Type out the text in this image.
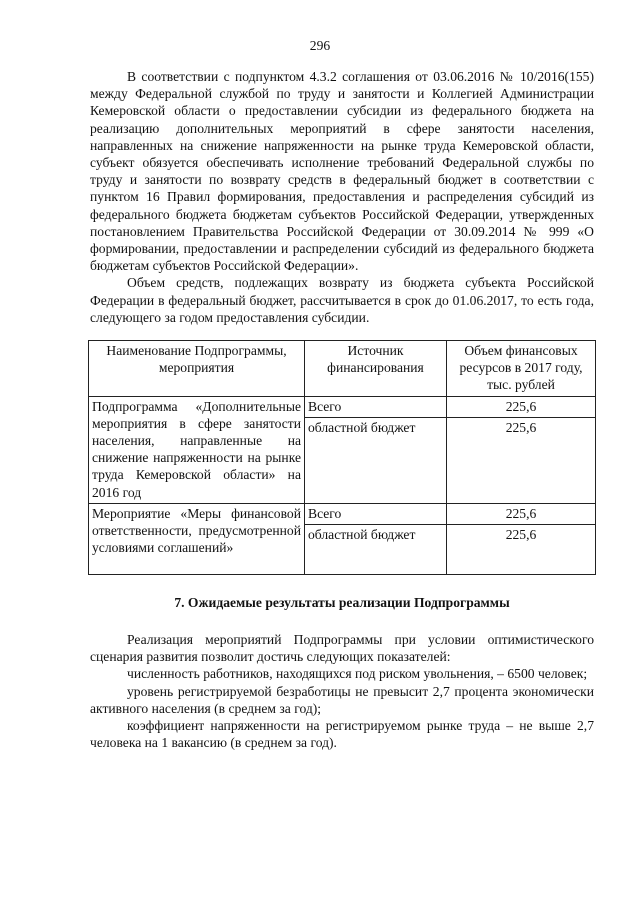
296

В соответствии с подпунктом 4.3.2 соглашения от 03.06.2016 № 10/2016(155) между Федеральной службой по труду и занятости и Коллегией Администрации Кемеровской области о предоставлении субсидии из федерального бюджета на реализацию дополнительных мероприятий в сфере занятости населения, направленных на снижение напряженности на рынке труда Кемеровской области, субъект обязуется обеспечивать исполнение требований Федеральной службы по труду и занятости по возврату средств в федеральный бюджет в соответствии с пунктом 16 Правил формирования, предоставления и распределения субсидий из федерального бюджета бюджетам субъектов Российской Федерации, утвержденных постановлением Правительства Российской Федерации от 30.09.2014 № 999 «О формировании, предоставлении и распределении субсидий из федерального бюджета бюджетам субъектов Российской Федерации».

Объем средств, подлежащих возврату из бюджета субъекта Российской Федерации в федеральный бюджет, рассчитывается в срок до 01.06.2017, то есть года, следующего за годом предоставления субсидии.

Наименование Подпрограммы, мероприятия	Источник финансирования	Объем финансовых ресурсов в 2017 году, тыс. рублей
Подпрограмма «Дополнительные мероприятия в сфере занятости населения, направленные на снижение напряженности на рынке труда Кемеровской области» на 2016 год	Всего	225,6
	областной бюджет	225,6
Мероприятие «Меры финансовой ответственности, предусмотренной условиями соглашений»	Всего	225,6
	областной бюджет	225,6
7. Ожидаемые результаты реализации Подпрограммы

Реализация мероприятий Подпрограммы при условии оптимистического сценария развития позволит достичь следующих показателей:

численность работников, находящихся под риском увольнения, – 6500 человек;

уровень регистрируемой безработицы не превысит 2,7 процента экономически активного населения (в среднем за год);

коэффициент напряженности на регистрируемом рынке труда – не выше 2,7 человека на 1 вакансию (в среднем за год).
